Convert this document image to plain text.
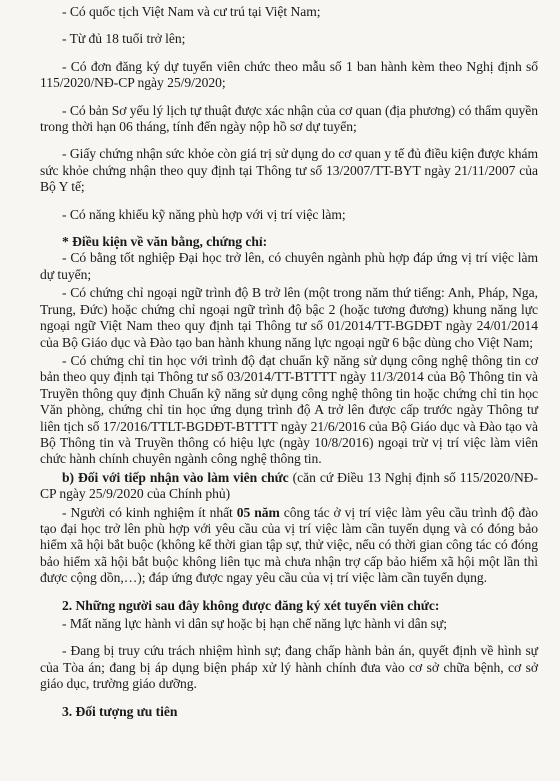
- Có quốc tịch Việt Nam và cư trú tại Việt Nam;

- Từ đủ 18 tuổi trở lên;

- Có đơn đăng ký dự tuyển viên chức theo mẫu số 1 ban hành kèm theo Nghị định số 115/2020/NĐ-CP ngày 25/9/2020;

- Có bản Sơ yếu lý lịch tự thuật được xác nhận của cơ quan (địa phương) có thẩm quyền trong thời hạn 06 tháng, tính đến ngày nộp hồ sơ dự tuyển;

- Giấy chứng nhận sức khỏe còn giá trị sử dụng do cơ quan y tế đủ điều kiện được khám sức khỏe chứng nhận theo quy định tại Thông tư số 13/2007/TT-BYT ngày 21/11/2007 của Bộ Y tế;

- Có năng khiếu kỹ năng phù hợp với vị trí việc làm;

* Điều kiện về văn bằng, chứng chỉ:

- Có bằng tốt nghiệp Đại học trở lên, có chuyên ngành phù hợp đáp ứng vị trí việc làm dự tuyển;

- Có chứng chỉ ngoại ngữ trình độ B trở lên (một trong năm thứ tiếng: Anh, Pháp, Nga, Trung, Đức) hoặc chứng chỉ ngoại ngữ trình độ bậc 2 (hoặc tương đương) khung năng lực ngoại ngữ Việt Nam theo quy định tại Thông tư số 01/2014/TT-BGDĐT ngày 24/01/2014 của Bộ Giáo dục và Đào tạo ban hành khung năng lực ngoại ngữ 6 bậc dùng cho Việt Nam;

- Có chứng chỉ tin học với trình độ đạt chuẩn kỹ năng sử dụng công nghệ thông tin cơ bản theo quy định tại Thông tư số 03/2014/TT-BTTTT ngày 11/3/2014 của Bộ Thông tin và Truyền thông quy định Chuẩn kỹ năng sử dụng công nghệ thông tin hoặc chứng chỉ tin học Văn phòng, chứng chỉ tin học ứng dụng trình độ A trở lên được cấp trước ngày Thông tư liên tịch số 17/2016/TTLT-BGDĐT-BTTTT ngày 21/6/2016 của Bộ Giáo dục và Đào tạo và Bộ Thông tin và Truyền thông có hiệu lực (ngày 10/8/2016) ngoại trừ vị trí việc làm viên chức hành chính chuyên ngành công nghệ thông tin.

b) Đối với tiếp nhận vào làm viên chức (căn cứ Điều 13 Nghị định số 115/2020/NĐ-CP ngày 25/9/2020 của Chính phủ)

- Người có kinh nghiệm ít nhất 05 năm công tác ở vị trí việc làm yêu cầu trình độ đào tạo đại học trở lên phù hợp với yêu cầu của vị trí việc làm cần tuyển dụng và có đóng bảo hiểm xã hội bắt buộc (không kể thời gian tập sự, thử việc, nếu có thời gian công tác có đóng bảo hiểm xã hội bắt buộc không liên tục mà chưa nhận trợ cấp bảo hiểm xã hội một lần thì được cộng dồn,…); đáp ứng được ngay yêu cầu của vị trí việc làm cần tuyển dụng.

2. Những người sau đây không được đăng ký xét tuyển viên chức:

- Mất năng lực hành vi dân sự hoặc bị hạn chế năng lực hành vi dân sự;

- Đang bị truy cứu trách nhiệm hình sự; đang chấp hành bản án, quyết định về hình sự của Tòa án; đang bị áp dụng biện pháp xử lý hành chính đưa vào cơ sở chữa bệnh, cơ sở giáo dục, trường giáo dưỡng.

3. Đối tượng ưu tiên
